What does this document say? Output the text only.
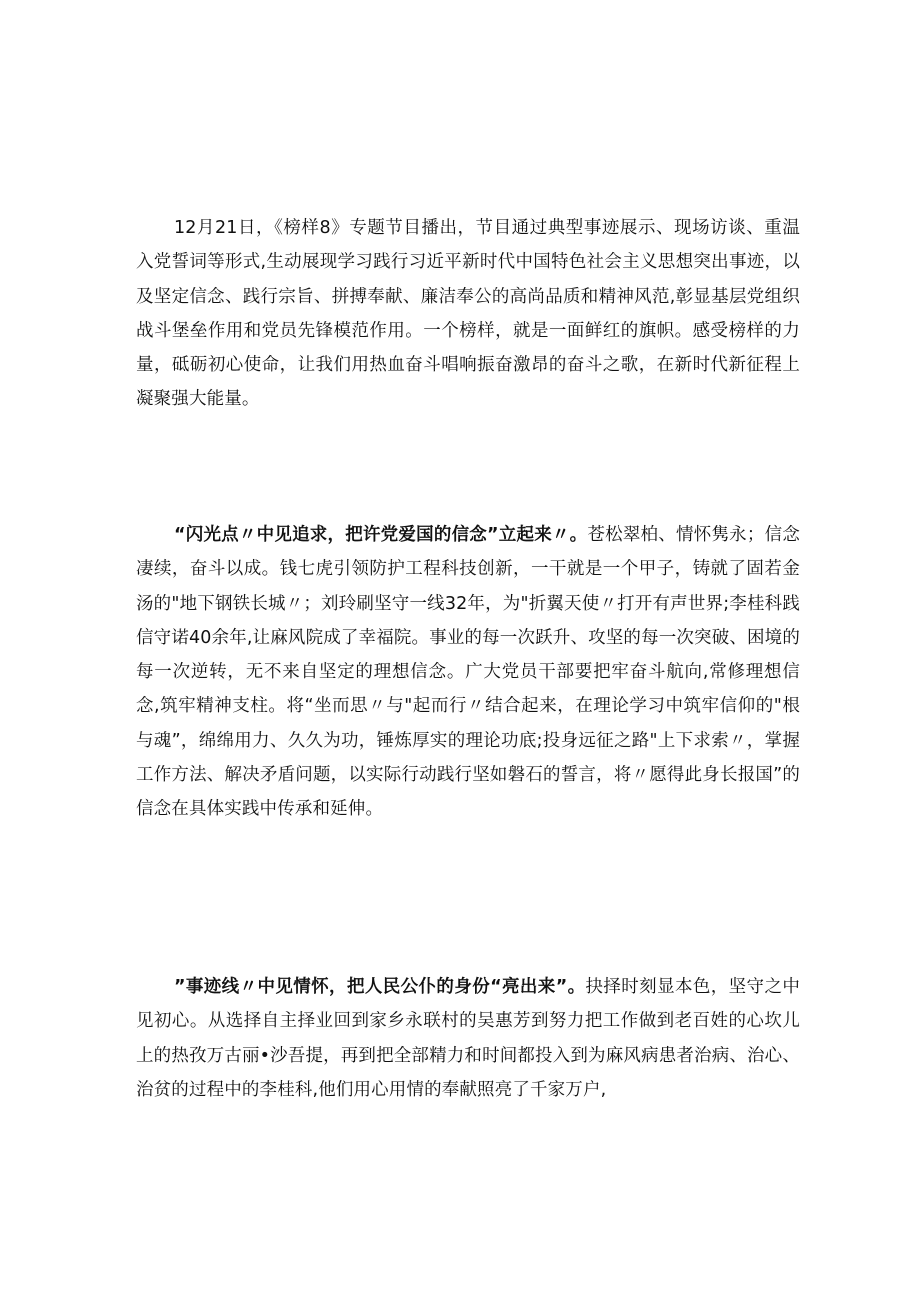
12月21日，《榜样8》专题节目播出，节目通过典型事迹展示、现场访谈、重温入党誓词等形式,生动展现学习践行习近平新时代中国特色社会主义思想突出事迹，以及坚定信念、践行宗旨、拼搏奉献、廉洁奉公的高尚品质和精神风范,彰显基层党组织战斗堡垒作用和党员先锋模范作用。一个榜样，就是一面鲜红的旗帜。感受榜样的力量，砥砺初心使命，让我们用热血奋斗唱响振奋激昂的奋斗之歌，在新时代新征程上凝聚强大能量。

“闪光点〃中见追求，把许党爱国的信念”立起来〃。苍松翠柏、情怀隽永；信念凄续，奋斗以成。钱七虎引领防护工程科技创新，一干就是一个甲子，铸就了固若金汤的"地下钢铁长城〃；刘玲刷坚守一线32年，为"折翼天使〃打开有声世界;李桂科践信守诺40余年,让麻风院成了幸福院。事业的每一次跃升、攻坚的每一次突破、困境的每一次逆转，无不来自坚定的理想信念。广大党员干部要把牢奋斗航向,常修理想信念,筑牢精神支柱。将“坐而思〃与"起而行〃结合起来，在理论学习中筑牢信仰的"根与魂”，绵绵用力、久久为功，锤炼厚实的理论功底;投身远征之路"上下求索〃，掌握工作方法、解决矛盾问题，以实际行动践行坚如磐石的誓言，将〃愿得此身长报国”的信念在具体实践中传承和延伸。

”事迹线〃中见情怀，把人民公仆的身份“亮出来”。抉择时刻显本色，坚守之中见初心。从选择自主择业回到家乡永联村的吴惠芳到努力把工作做到老百姓的心坎儿上的热孜万古丽•沙吾提，再到把全部精力和时间都投入到为麻风病患者治病、治心、治贫的过程中的李桂科,他们用心用情的奉献照亮了千家万户,
